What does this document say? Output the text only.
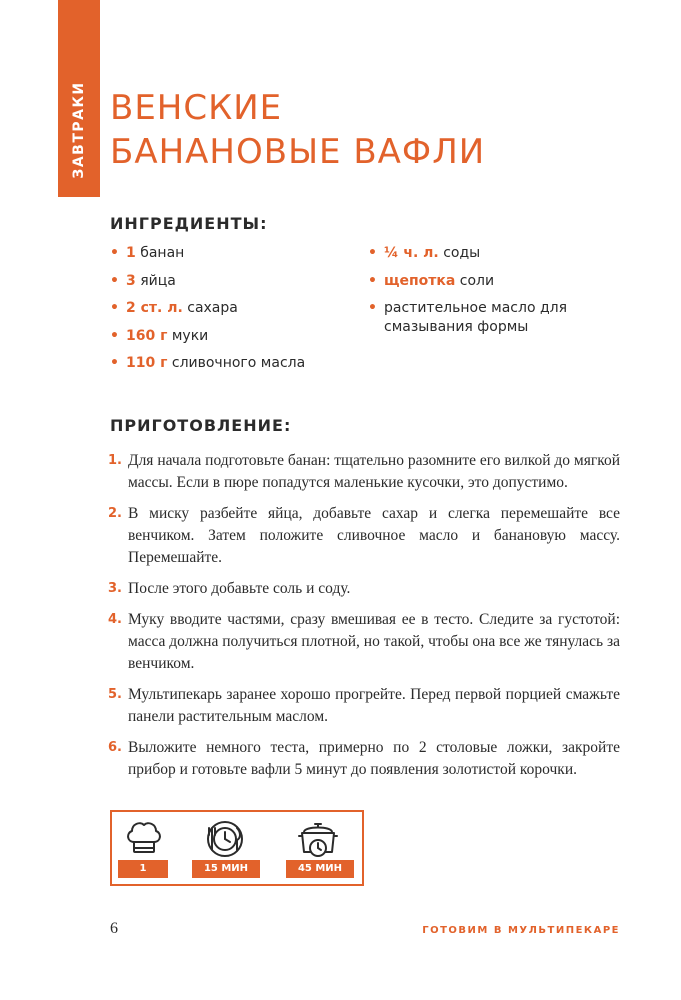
ЗАВТРАКИ ВЕНСКИЕ
БАНАНОВЫЕ ВАФЛИ
ИНГРЕДИЕНТЫ:
• 1 банан
• 3 яйца
• 2 ст. л. сахара
• 160 г муки
• 110 г сливочного масла
• ¼ ч. л. соды
• щепотка соли
• растительное масло для смазывания формы
ПРИГОТОВЛЕНИЕ:
1. Для начала подготовьте банан: тщательно разомните его вилкой до мягкой массы. Если в пюре попадутся маленькие кусочки, это допустимо.
2. В миску разбейте яйца, добавьте сахар и слегка перемешайте все венчиком. Затем положите сливочное масло и банановую массу. Перемешайте.
3. После этого добавьте соль и соду.
4. Муку вводите частями, сразу вмешивая ее в тесто. Следите за густотой: масса должна получиться плотной, но такой, чтобы она все же тянулась за венчиком.
5. Мультипекарь заранее хорошо прогрейте. Перед первой порцией смажьте панели растительным маслом.
6. Выложите немного теста, примерно по 2 столовые ложки, закройте прибор и готовьте вафли 5 минут до появления золотистой корочки.
1	15 МИН	45 МИН
6	ГОТОВИМ В МУЛЬТИПЕКАРЕ
